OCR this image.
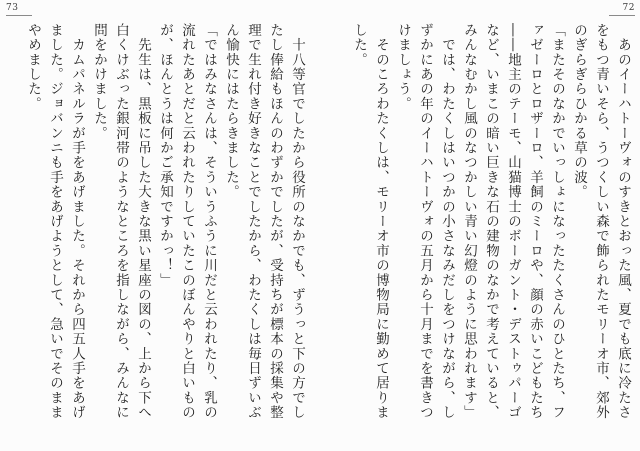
73
　十八等官でしたから役所のなかでも、ずうっと下の方でし
たし俸給もほんのわずかでしたが、受持ちが標本の採集や整
理で生れ付き好きなことでしたから、わたくしは毎日ずいぶ
ん愉快にはたらきました。
「ではみなさんは、そういうふうに川だと云われたり、乳の
流れたあとだと云われたりしていたこのぼんやりと白いもの
が、ほんとうは何かご承知ですかっ！」
　先生は、黒板に吊した大きな黒い星座の図の、上から下へ
白くけぶった銀河帯のようなところを指しながら、みんなに
問をかけました。
　カムパネルラが手をあげました。それから四五人手をあげ
ました。ジョバンニも手をあげようとして、急いでそのまま
やめました。
72
　あのイーハトーヴォのすきとおった風、夏でも底に冷たさ
をもつ青いそら、うつくしい森で飾られたモリーオ市、郊外
のぎらぎらひかる草の波。
「またそのなかでいっしょになったたくさんのひとたち、フ
ァゼーロとロザーロ、羊飼のミーロや、顔の赤いこどもたち
――地主のテーモ、山猫博士のボーガント・デストゥパーゴ
など、いまこの暗い巨きな石の建物のなかで考えていると、
みんなむかし風のなつかしい青い幻燈のように思われます」
　では、わたくしはいつかの小さなみだしをつけながら、し
ずかにあの年のイーハトーヴォの五月から十月までを書きつ
けましょう。
　そのころわたくしは、モリーオ市の博物局に勤めて居りま
した。
